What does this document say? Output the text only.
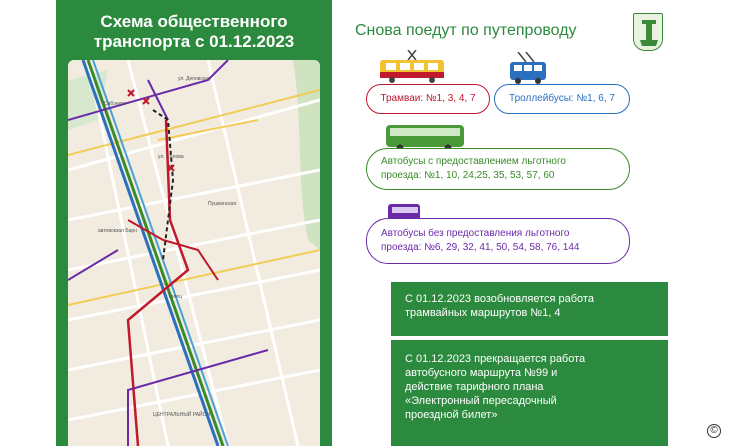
Схема общественного
транспорта с 01.12.2023
Сибэнерг
ул. Деповская
ул. Салова
Пушкинская
автовокзал Барн
Телец
ЦЕНТРАЛЬНЫЙ РАЙОН
Снова поедут по путепроводу
Трамваи: №1, 3, 4, 7	Троллейбусы: №1, 6, 7
Автобусы с предоставлением льготного
проезда: №1, 10, 24,25, 35, 53, 57, 60
Автобусы без предоставления льготного
проезда: №6, 29, 32, 41, 50, 54, 58, 76, 144
С 01.12.2023 возобновляется работа
трамвайных маршрутов №1, 4
С 01.12.2023 прекращается работа
автобусного маршрута №99 и
действие тарифного плана
«Электронный пересадочный
проездной билет»
©
